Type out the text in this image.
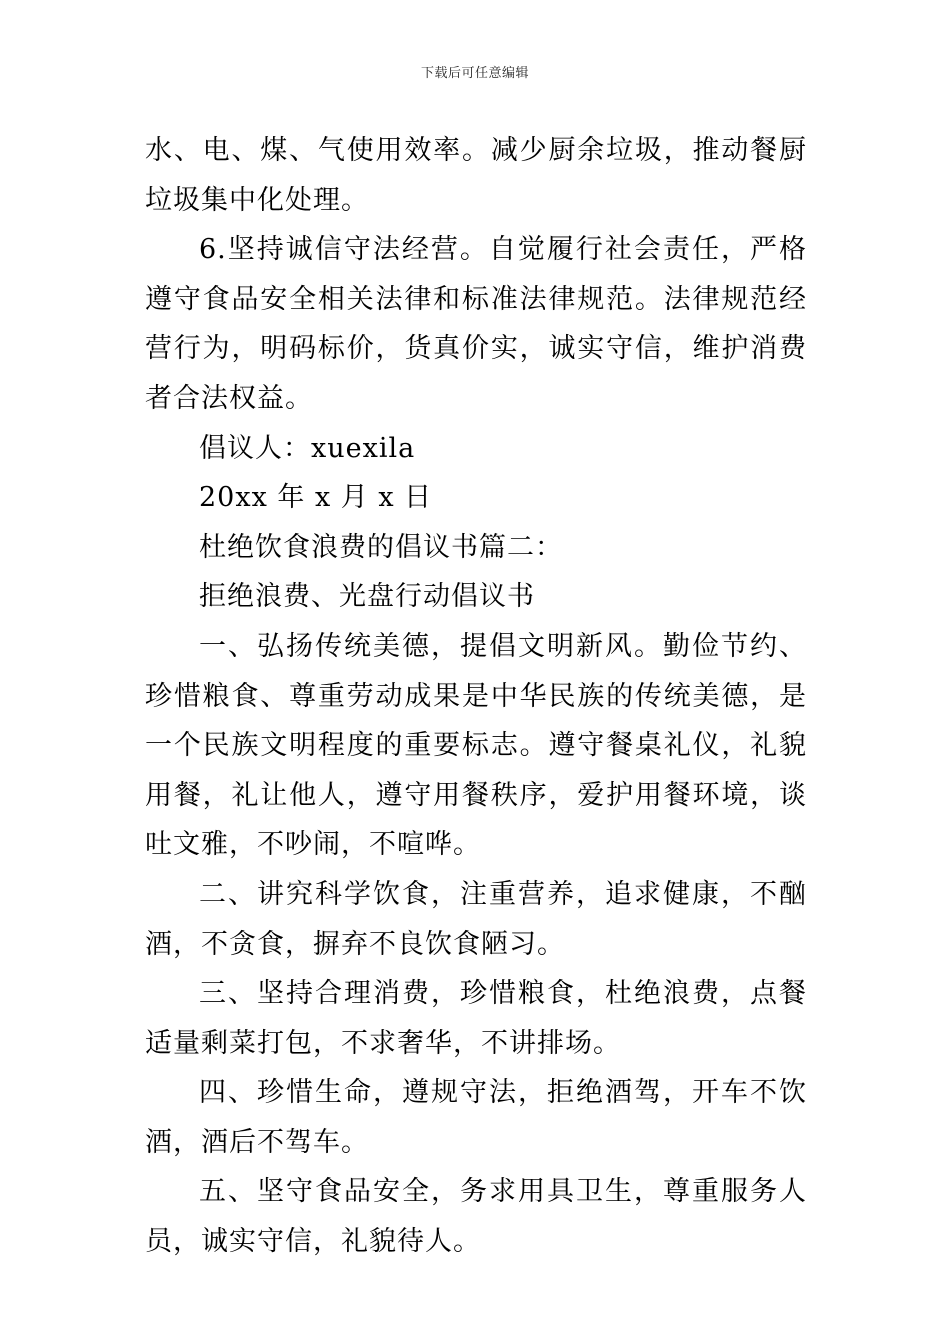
下载后可任意编辑

水、电、煤、气使用效率。减少厨余垃圾，推动餐厨垃圾集中化处理。

6.坚持诚信守法经营。自觉履行社会责任，严格遵守食品安全相关法律和标准法律规范。法律规范经营行为，明码标价，货真价实，诚实守信，维护消费者合法权益。

倡议人：xuexila

20xx 年 x 月 x 日

杜绝饮食浪费的倡议书篇二：

拒绝浪费、光盘行动倡议书

一、弘扬传统美德，提倡文明新风。勤俭节约、珍惜粮食、尊重劳动成果是中华民族的传统美德，是一个民族文明程度的重要标志。遵守餐桌礼仪，礼貌用餐，礼让他人，遵守用餐秩序，爱护用餐环境，谈吐文雅，不吵闹，不喧哗。

二、讲究科学饮食，注重营养，追求健康，不酗酒，不贪食，摒弃不良饮食陋习。

三、坚持合理消费，珍惜粮食，杜绝浪费，点餐适量剩菜打包，不求奢华，不讲排场。

四、珍惜生命，遵规守法，拒绝酒驾，开车不饮酒，酒后不驾车。

五、坚守食品安全，务求用具卫生，尊重服务人员，诚实守信，礼貌待人。
